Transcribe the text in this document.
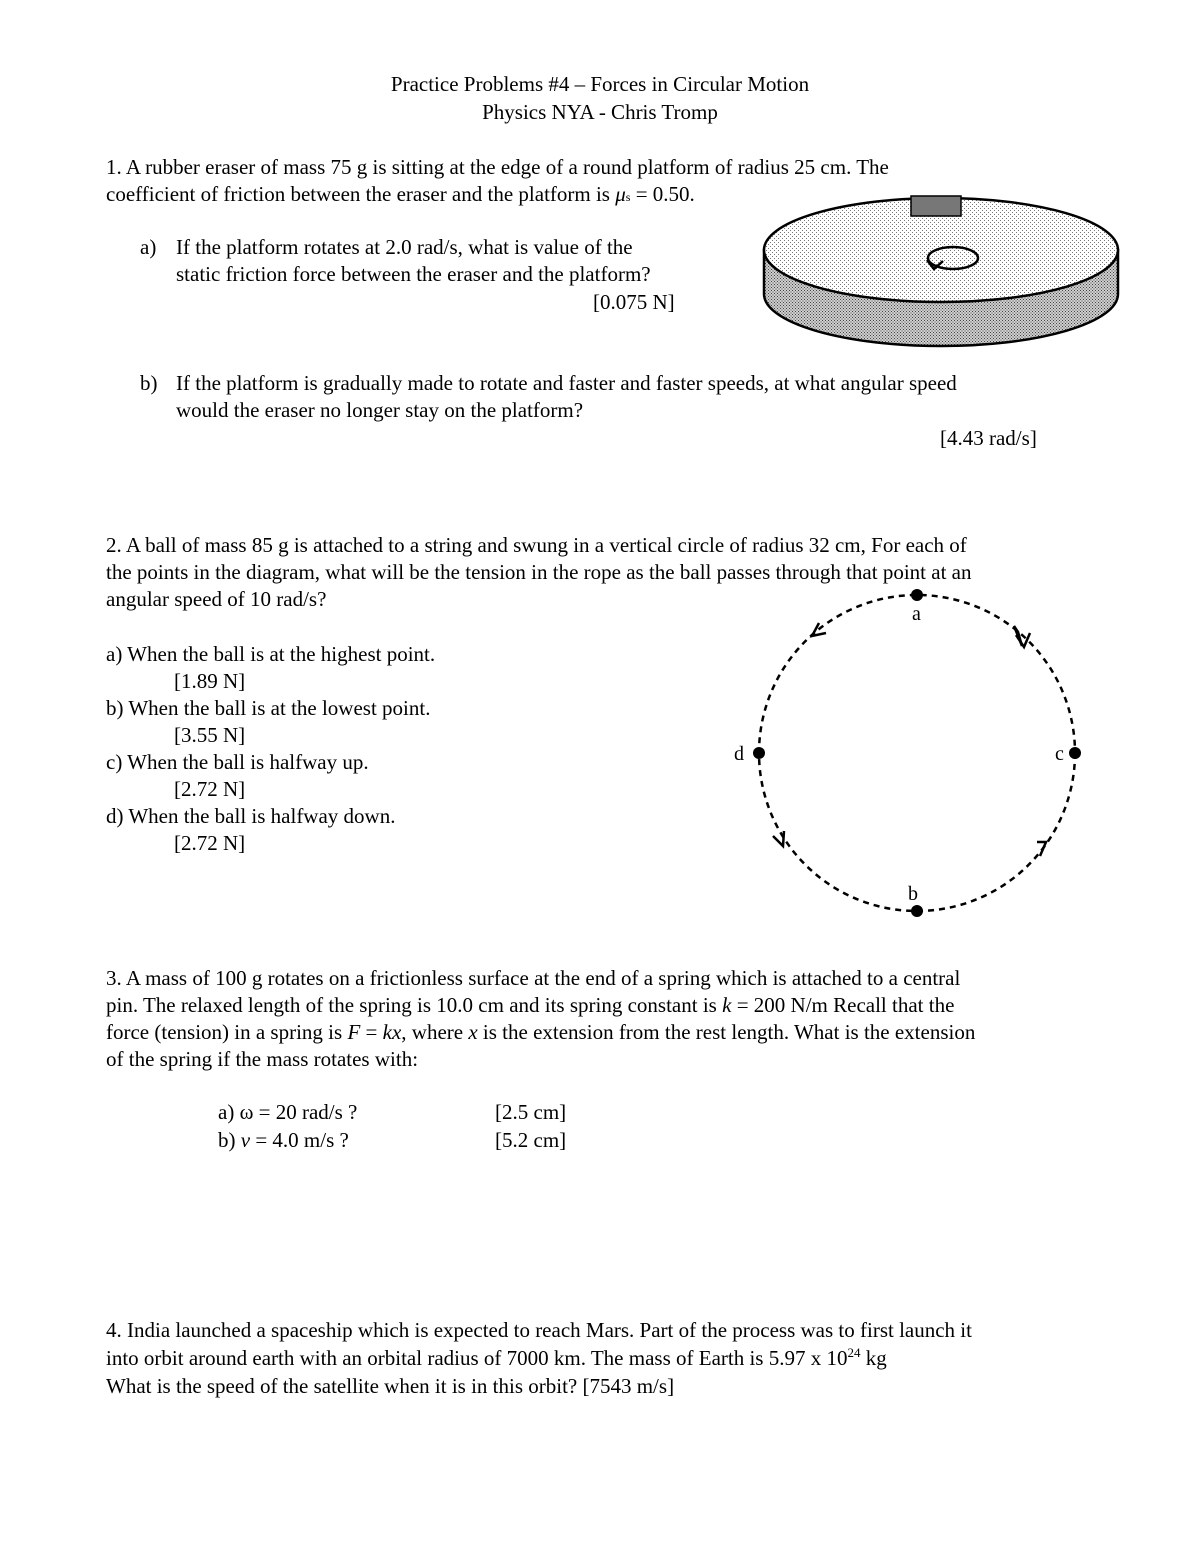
Practice Problems #4 – Forces in Circular Motion
Physics NYA - Chris Tromp
1. A rubber eraser of mass 75 g is sitting at the edge of a round platform of radius 25 cm. The
coefficient of friction between the eraser and the platform is μs = 0.50.
a) If the platform rotates at 2.0 rad/s, what is value of the
static friction force between the eraser and the platform?
[0.075 N]
b) If the platform is gradually made to rotate and faster and faster speeds, at what angular speed
would the eraser no longer stay on the platform?
[4.43 rad/s]
2. A ball of mass 85 g is attached to a string and swung in a vertical circle of radius 32 cm, For each of
the points in the diagram, what will be the tension in the rope as the ball passes through that point at an
angular speed of 10 rad/s?
a) When the ball is at the highest point.
[1.89 N]
b) When the ball is at the lowest point.
[3.55 N]
c) When the ball is halfway up.
[2.72 N]
d) When the ball is halfway down.
[2.72 N]
a
b
c
d
3. A mass of 100 g rotates on a frictionless surface at the end of a spring which is attached to a central
pin. The relaxed length of the spring is 10.0 cm and its spring constant is k = 200 N/m Recall that the
force (tension) in a spring is F = kx, where x is the extension from the rest length. What is the extension
of the spring if the mass rotates with:
a) ω = 20 rad/s ?	[2.5 cm]
b) v = 4.0 m/s ?	[5.2 cm]
4. India launched a spaceship which is expected to reach Mars. Part of the process was to first launch it
into orbit around earth with an orbital radius of 7000 km. The mass of Earth is 5.97 x $10^{24}$ kg
What is the speed of the satellite when it is in this orbit? [7543 m/s]
